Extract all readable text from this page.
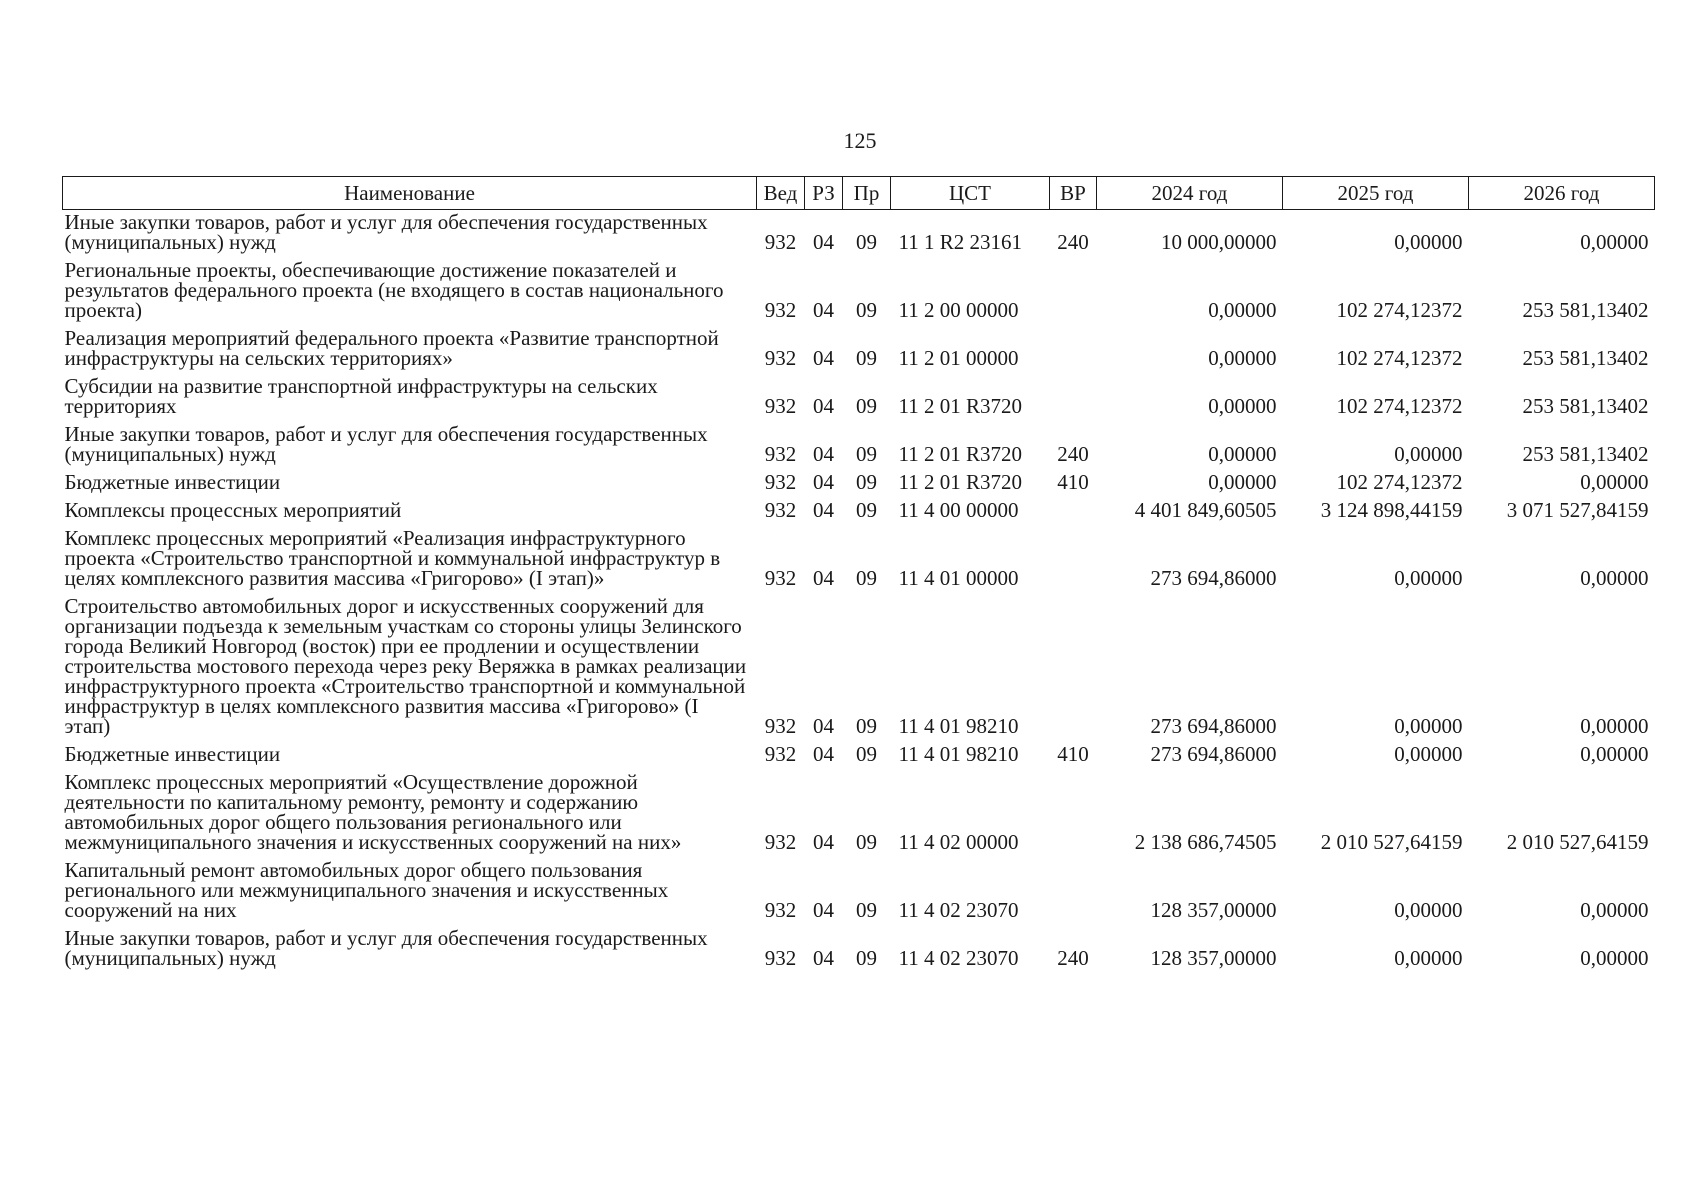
125
Наименование	Вед	РЗ	Пр	ЦСТ	ВР	2024 год	2025 год	2026 год
Иные закупки товаров, работ и услуг для обеспечения государственных (муниципальных) нужд	932	04	09	11 1 R2 23161	240	10 000,00000	0,00000	0,00000
Региональные проекты, обеспечивающие достижение показателей и результатов федерального проекта (не входящего в состав национального проекта)	932	04	09	11 2 00 00000		0,00000	102 274,12372	253 581,13402
Реализация мероприятий федерального проекта «Развитие транспортной инфраструктуры на сельских территориях»	932	04	09	11 2 01 00000		0,00000	102 274,12372	253 581,13402
Субсидии на развитие транспортной инфраструктуры на сельских территориях	932	04	09	11 2 01 R3720		0,00000	102 274,12372	253 581,13402
Иные закупки товаров, работ и услуг для обеспечения государственных (муниципальных) нужд	932	04	09	11 2 01 R3720	240	0,00000	0,00000	253 581,13402
Бюджетные инвестиции	932	04	09	11 2 01 R3720	410	0,00000	102 274,12372	0,00000
Комплексы процессных мероприятий	932	04	09	11 4 00 00000		4 401 849,60505	3 124 898,44159	3 071 527,84159
Комплекс процессных мероприятий «Реализация инфраструктурного проекта «Строительство транспортной и коммунальной инфраструктур в целях комплексного развития массива «Григорово» (I этап)»	932	04	09	11 4 01 00000		273 694,86000	0,00000	0,00000
Строительство автомобильных дорог и искусственных сооружений для организации подъезда к земельным участкам со стороны улицы Зелинского города Великий Новгород (восток) при ее продлении и осуществлении строительства мостового перехода через реку Веряжка в рамках реализации инфраструктурного проекта «Строительство транспортной и коммунальной инфраструктур в целях комплексного развития массива «Григорово» (I этап)	932	04	09	11 4 01 98210		273 694,86000	0,00000	0,00000
Бюджетные инвестиции	932	04	09	11 4 01 98210	410	273 694,86000	0,00000	0,00000
Комплекс процессных мероприятий «Осуществление дорожной деятельности по капитальному ремонту, ремонту и содержанию автомобильных дорог общего пользования регионального или межмуниципального значения и искусственных сооружений на них»	932	04	09	11 4 02 00000		2 138 686,74505	2 010 527,64159	2 010 527,64159
Капитальный ремонт автомобильных дорог общего пользования регионального или межмуниципального значения и искусственных сооружений на них	932	04	09	11 4 02 23070		128 357,00000	0,00000	0,00000
Иные закупки товаров, работ и услуг для обеспечения государственных (муниципальных) нужд	932	04	09	11 4 02 23070	240	128 357,00000	0,00000	0,00000
